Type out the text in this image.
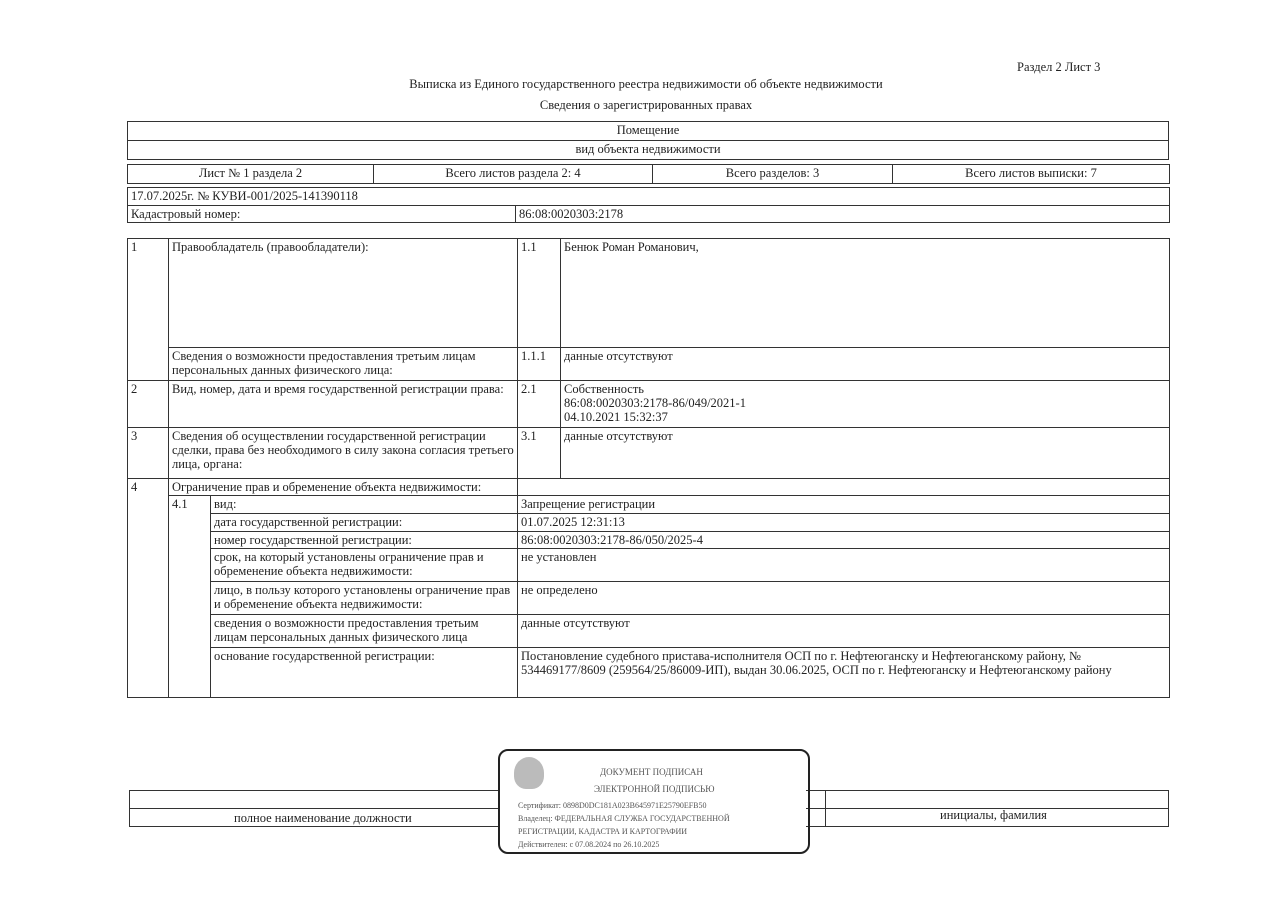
Раздел 2 Лист 3
Выписка из Единого государственного реестра недвижимости об объекте недвижимости
Сведения о зарегистрированных правах
Помещение
вид объекта недвижимости
Лист № 1 раздела 2	Всего листов раздела 2: 4	Всего разделов: 3	Всего листов выписки: 7
17.07.2025г. № КУВИ-001/2025-141390118
Кадастровый номер:	86:08:0020303:2178
1	Правообладатель (правообладатели):		1.1	Бенюк Роман Романович,
	Сведения о возможности предоставления третьим лицам персональных данных физического лица:		1.1.1	данные отсутствуют
2	Вид, номер, дата и время государственной регистрации права:		2.1	Собственность
86:08:0020303:2178-86/049/2021-1
04.10.2021 15:32:37

3	Сведения об осуществлении государственной регистрации сделки, права без необходимого в силу закона согласия третьего лица, органа:		3.1	данные отсутствуют
4	Ограничение прав и обременение объекта недвижимости:			
	4.1	вид:	Запрещение регистрации	
		дата государственной регистрации:	01.07.2025 12:31:13	
		номер государственной регистрации:	86:08:0020303:2178-86/050/2025-4	
		срок, на который установлены ограничение прав и обременение объекта недвижимости:	не установлен	
		лицо, в пользу которого установлены ограничение прав и обременение объекта недвижимости:	не определено	
		сведения о возможности предоставления третьим лицам персональных данных физического лица	данные отсутствуют	
		основание государственной регистрации:	Постановление судебного пристава-исполнителя ОСП по г. Нефтеюганску и Нефтеюганскому району, № 534469177/8609 (259564/25/86009-ИП), выдан 30.06.2025, ОСП по г. Нефтеюганску и Нефтеюганскому району	
полное наименование должности	инициалы, фамилия
ДОКУМЕНТ ПОДПИСАН
ЭЛЕКТРОННОЙ ПОДПИСЬЮ
Сертификат: 0898D0DC181A023B645971E25790EFB50
Владелец: ФЕДЕРАЛЬНАЯ СЛУЖБА ГОСУДАРСТВЕННОЙ
РЕГИСТРАЦИИ, КАДАСТРА И КАРТОГРАФИИ
Действителен: с 07.08.2024 по 26.10.2025
